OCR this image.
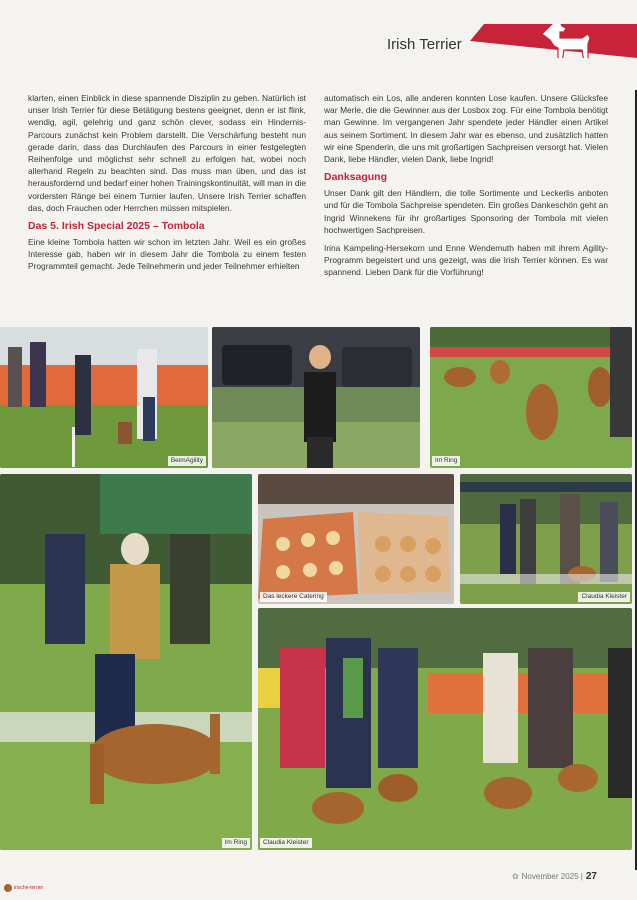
Irish Terrier

klarten, einen Einblick in diese spannende Disziplin zu geben. Natürlich ist unser Irish Terrier für diese Betätigung bestens geeignet, denn er ist flink, wendig, agil, gelehrig und ganz schön clever, sodass ein Hindernis-Parcours zunächst kein Problem darstellt. Die Verschärfung besteht nun gerade darin, dass das Durchlaufen des Parcours in einer festgelegten Reihenfolge und möglichst sehr schnell zu erfolgen hat, wobei noch allerhand Regeln zu beachten sind. Das muss man üben, und das ist herausfordernd und bedarf einer hohen Trainingskontinuität, will man in die vordersten Ränge bei einem Turnier laufen. Unsere Irish Terrier schaffen das, doch Frauchen oder Herrchen müssen mitspielen.

Das 5. Irish Special 2025 – Tombola

Eine kleine Tombola hatten wir schon im letzten Jahr. Weil es ein großes Interesse gab, haben wir in diesem Jahr die Tombola zu einem festen Programmteil gemacht. Jede Teilnehmerin und jeder Teilnehmer erhielten

automatisch ein Los, alle anderen konnten Lose kaufen. Unsere Glücksfee war Merle, die die Gewinner aus der Losbox zog. Für eine Tombola benötigt man Gewinne. Im vergangenen Jahr spendete jeder Händler einen Artikel aus seinem Sortiment. In diesem Jahr war es ebenso, und zusätzlich hatten wir eine Spenderin, die uns mit großartigen Sachpreisen versorgt hat. Vielen Dank, liebe Händler, vielen Dank, liebe Ingrid!

Danksagung

Unser Dank gilt den Händlern, die tolle Sortimente und Leckerlis anboten und für die Tombola Sachpreise spendeten. Ein großes Dankeschön geht an Ingrid Winnekens für ihr großartiges Sponsoring der Tombola mit vielen hochwertigen Sachpreisen.

Irina Kampeling-Hersekorn und Enne Wendemuth haben mit ihrem Agility-Programm begeistert und uns gezeigt, was die Irish Terrier können. Es war spannend. Lieben Dank für die Vorführung!

BeimAgility	Im Ring
Im Ring
Das leckere Catering	Claudia Kleister
Claudia Kleister
✿ November 2025 | 27
irische-terrier
